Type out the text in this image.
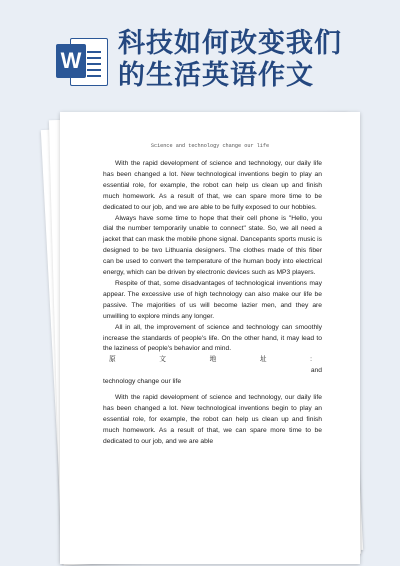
W
科技如何改变我们
的生活英语作文
Science and technology change our life

With the rapid development of science and technology, our daily life has been changed a lot. New technological inventions begin to play an essential role, for example, the robot can help us clean up and finish much homework. As a result of that, we can spare more time to be dedicated to our job, and we are able to be fully exposed to our hobbies.

Always have some time to hope that their cell phone is "Hello, you dial the number temporarily unable to connect" state. So, we all need a jacket that can mask the mobile phone signal. Dancepants sports music is designed to be two Lithuania designers. The clothes made of this fiber can be used to convert the temperature of the human body into electrical energy, which can be driven by electronic devices such as MP3 players.

Respite of that, some disadvantages of technological inventions may appear. The excessive use of high technology can also make our life be passive. The majorities of us will become lazier men, and they are unwilling to explore minds any longer.

All in all, the improvement of science and technology can smoothly increase the standards of people's life. On the other hand, it may lead to the laziness of people's behavior and mind.

原	文	地	址	:
and

technology change our life

With the rapid development of science and technology, our daily life has been changed a lot. New technological inventions begin to play an essential role, for example, the robot can help us clean up and finish much homework. As a result of that, we can spare more time to be dedicated to our job, and we are able
